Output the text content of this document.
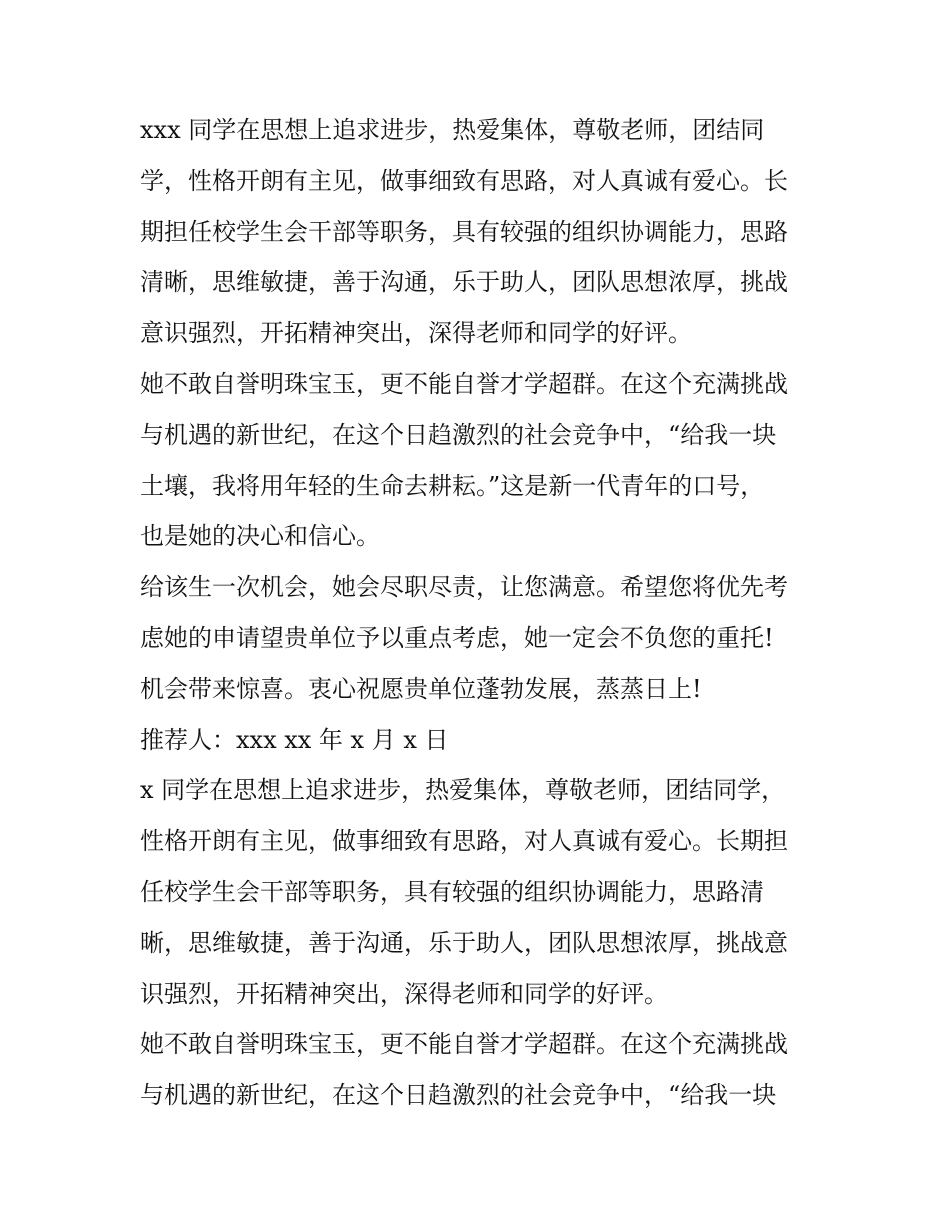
xxx 同学在思想上追求进步，热爱集体，尊敬老师，团结同
学，性格开朗有主见，做事细致有思路，对人真诚有爱心。长
期担任校学生会干部等职务，具有较强的组织协调能力，思路
清晰，思维敏捷，善于沟通，乐于助人，团队思想浓厚，挑战
意识强烈，开拓精神突出，深得老师和同学的好评。
她不敢自誉明珠宝玉，更不能自誉才学超群。在这个充满挑战
与机遇的新世纪，在这个日趋激烈的社会竞争中，“给我一块
土壤，我将用年轻的生命去耕耘。”这是新一代青年的口号，
也是她的决心和信心。
给该生一次机会，她会尽职尽责，让您满意。希望您将优先考
虑她的申请望贵单位予以重点考虑，她一定会不负您的重托!
机会带来惊喜。衷心祝愿贵单位蓬勃发展，蒸蒸日上!
推荐人：xxx xx 年 x 月 x 日
x 同学在思想上追求进步，热爱集体，尊敬老师，团结同学，
性格开朗有主见，做事细致有思路，对人真诚有爱心。长期担
任校学生会干部等职务，具有较强的组织协调能力，思路清
晰，思维敏捷，善于沟通，乐于助人，团队思想浓厚，挑战意
识强烈，开拓精神突出，深得老师和同学的好评。
她不敢自誉明珠宝玉，更不能自誉才学超群。在这个充满挑战
与机遇的新世纪，在这个日趋激烈的社会竞争中，“给我一块
